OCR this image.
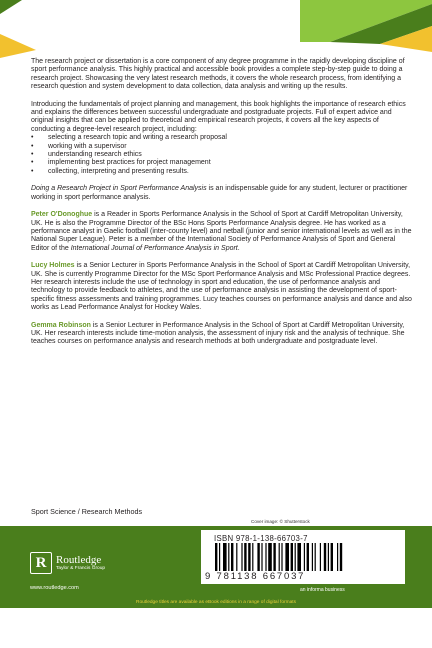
The research project or dissertation is a core component of any degree programme in the rapidly developing discipline of sport performance analysis. This highly practical and accessible book provides a complete step-by-step guide to doing a research project. Showcasing the very latest research methods, it covers the whole research process, from identifying a research question and system development to data collection, data analysis and writing up the results.

Introducing the fundamentals of project planning and management, this book highlights the importance of research ethics and explains the differences between successful undergraduate and postgraduate projects. Full of expert advice and original insights that can be applied to theoretical and empirical research projects, it covers all the key aspects of conducting a degree-level research project, including:

• selecting a research topic and writing a research proposal
• working with a supervisor
• understanding research ethics
• implementing best practices for project management
• collecting, interpreting and presenting results.

Doing a Research Project in Sport Performance Analysis is an indispensable guide for any student, lecturer or practitioner working in sport performance analysis.

Peter O'Donoghue is a Reader in Sports Performance Analysis in the School of Sport at Cardiff Metropolitan University, UK. He is also the Programme Director of the BSc Hons Sports Performance Analysis degree. He has worked as a performance analyst in Gaelic football (inter-county level) and netball (junior and senior international levels as well as in the National Super League). Peter is a member of the International Society of Performance Analysis of Sport and General Editor of the International Journal of Performance Analysis in Sport.

Lucy Holmes is a Senior Lecturer in Sports Performance Analysis in the School of Sport at Cardiff Metropolitan University, UK. She is currently Programme Director for the MSc Sport Performance Analysis and MSc Professional Practice degrees. Her research interests include the use of technology in sport and education, the use of performance analysis and technology to provide feedback to athletes, and the use of performance analysis in assisting the development of sport-specific fitness assessments and training programmes. Lucy teaches courses on performance analysis and dance and also works as Lead Performance Analyst for Hockey Wales.

Gemma Robinson is a Senior Lecturer in Performance Analysis in the School of Sport at Cardiff Metropolitan University, UK. Her research interests include time-motion analysis, the assessment of injury risk and the analysis of technique. She teaches courses on performance analysis and research methods at both undergraduate and postgraduate level.

Sport Science / Research Methods
Cover image: © Shutterstock
R Routledge
Taylor & Francis Group
www.routledge.com
ISBN 978-1-138-66703-7
9 781138 667037
an informa business
Routledge titles are available as eBook editions in a range of digital formats
